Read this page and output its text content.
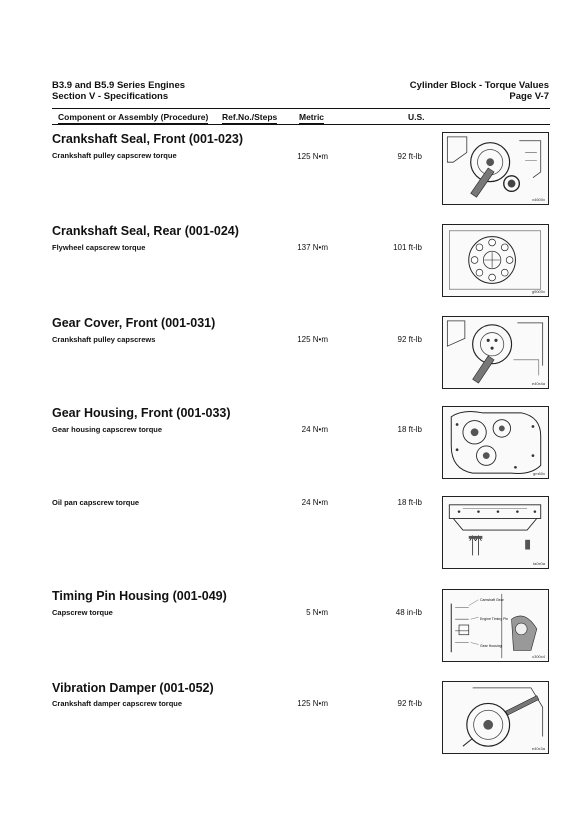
B3.9 and B5.9 Series Engines
Section V - Specifications
Cylinder Block - Torque Values
Page V-7
Component or Assembly (Procedure) Ref.No./Steps	Metric	U.S.
Crankshaft Seal, Front (001-023)
Crankshaft pulley capscrew torque	125 N•m	92 ft-lb
x4600x
Crankshaft Seal, Rear (001-024)
Flywheel capscrew torque	137 N•m	101 ft-lb
g9000x
Gear Cover, Front (001-031)
Crankshaft pulley capscrews	125 N•m	92 ft-lb
e40x4a
Gear Housing, Front (001-033)
Gear housing capscrew torque	24 N•m	18 ft-lb
gm60x
Oil pan capscrew torque	24 N•m	18 ft-lb
ta0x0a
Timing Pin Housing (001-049)
Capscrew torque	5 N•m	48 in-lb
Camshaft Gear
Engine Timing Pin
Gear Housing
c300x4
Vibration Damper (001-052)
Crankshaft damper capscrew torque	125 N•m	92 ft-lb
e40x3a
